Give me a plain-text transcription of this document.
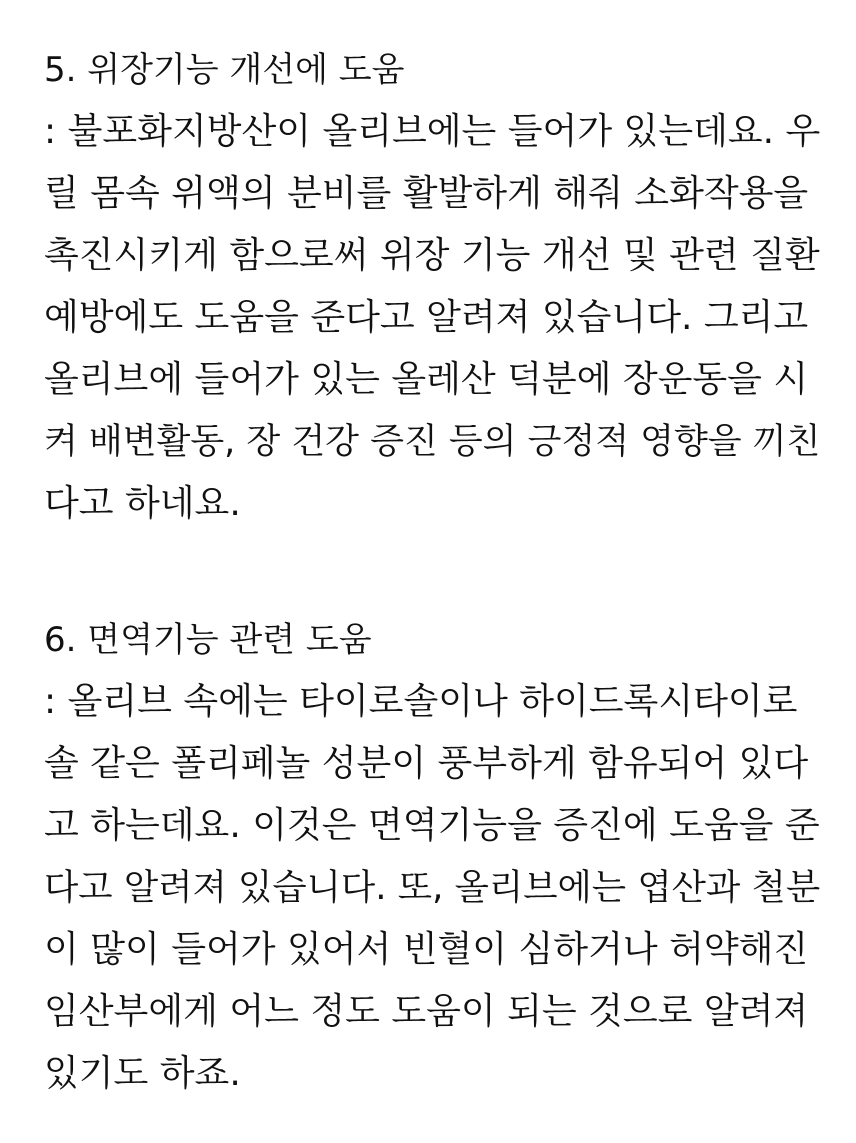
5. 위장기능 개선에 도움
: 불포화지방산이 올리브에는 들어가 있는데요. 우
릴 몸속 위액의 분비를 활발하게 해줘 소화작용을
촉진시키게 함으로써 위장 기능 개선 및 관련 질환
예방에도 도움을 준다고 알려져 있습니다. 그리고
올리브에 들어가 있는 올레산 덕분에 장운동을 시
켜 배변활동, 장 건강 증진 등의 긍정적 영향을 끼친
다고 하네요.
6. 면역기능 관련 도움
: 올리브 속에는 타이로솔이나 하이드록시타이로
솔 같은 폴리페놀 성분이 풍부하게 함유되어 있다
고 하는데요. 이것은 면역기능을 증진에 도움을 준
다고 알려져 있습니다. 또, 올리브에는 엽산과 철분
이 많이 들어가 있어서 빈혈이 심하거나 허약해진
임산부에게 어느 정도 도움이 되는 것으로 알려져
있기도 하죠.
